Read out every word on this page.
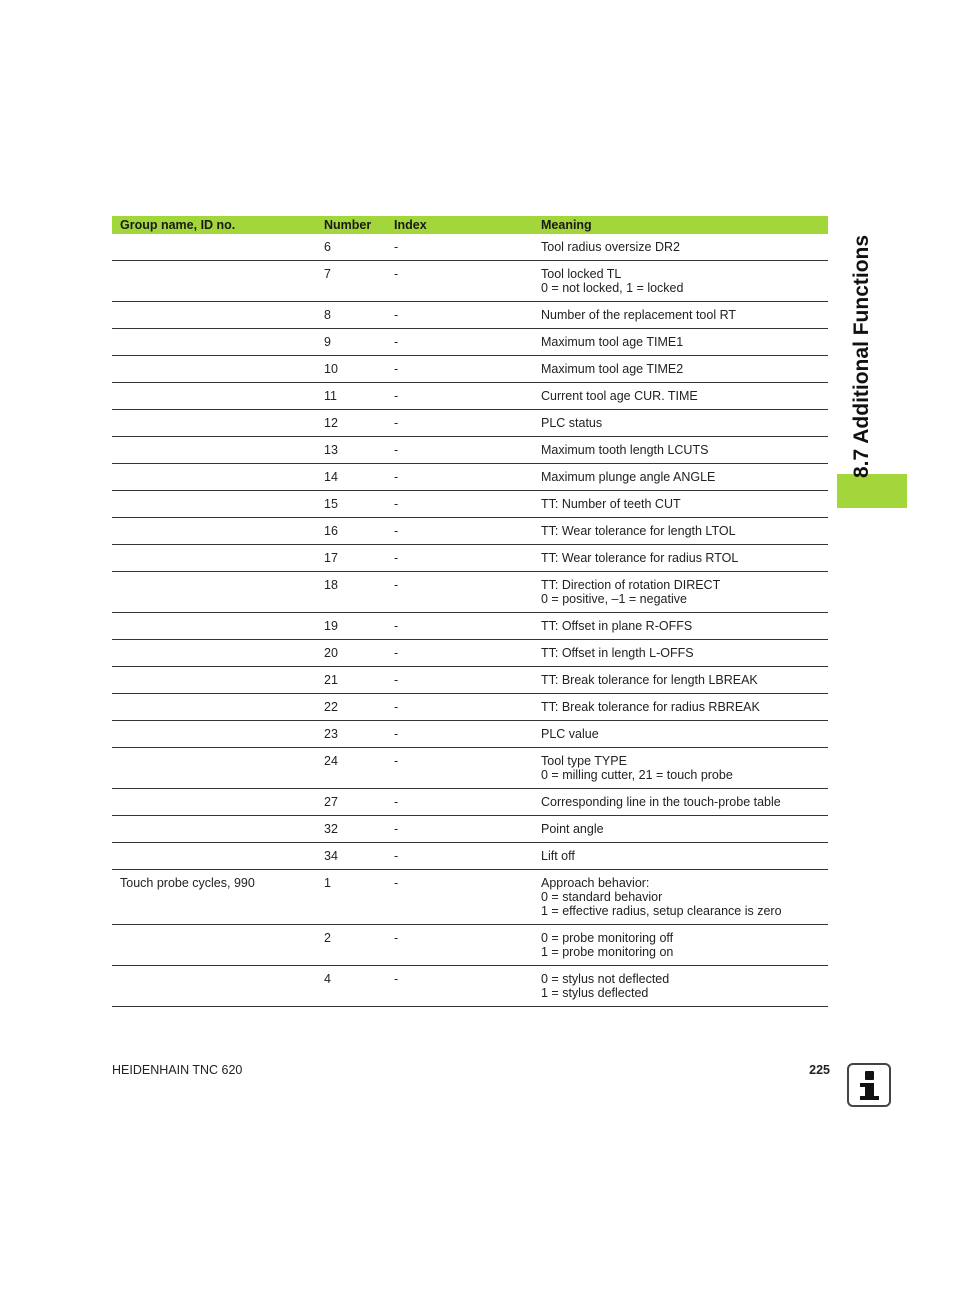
Group name, ID no.	Number	Index	Meaning
	6	-	Tool radius oversize DR2

	7	-	Tool locked TL
0 = not locked, 1 = locked

	8	-	Number of the replacement tool RT

	9	-	Maximum tool age TIME1

	10	-	Maximum tool age TIME2

	11	-	Current tool age CUR. TIME

	12	-	PLC status

	13	-	Maximum tooth length LCUTS

	14	-	Maximum plunge angle ANGLE

	15	-	TT: Number of teeth CUT

	16	-	TT: Wear tolerance for length LTOL

	17	-	TT: Wear tolerance for radius RTOL

	18	-	TT: Direction of rotation DIRECT
0 = positive, –1 = negative

	19	-	TT: Offset in plane R-OFFS

	20	-	TT: Offset in length L-OFFS

	21	-	TT: Break tolerance for length LBREAK

	22	-	TT: Break tolerance for radius RBREAK

	23	-	PLC value

	24	-	Tool type TYPE
0 = milling cutter, 21 = touch probe

	27	-	Corresponding line in the touch-probe table

	32	-	Point angle

	34	-	Lift off

Touch probe cycles, 990	1	-	Approach behavior:
0 = standard behavior
1 = effective radius, setup clearance is zero

	2	-	0 = probe monitoring off
1 = probe monitoring on

	4	-	0 = stylus not deflected
1 = stylus deflected
8.7 Additional Functions
HEIDENHAIN TNC 620	225
